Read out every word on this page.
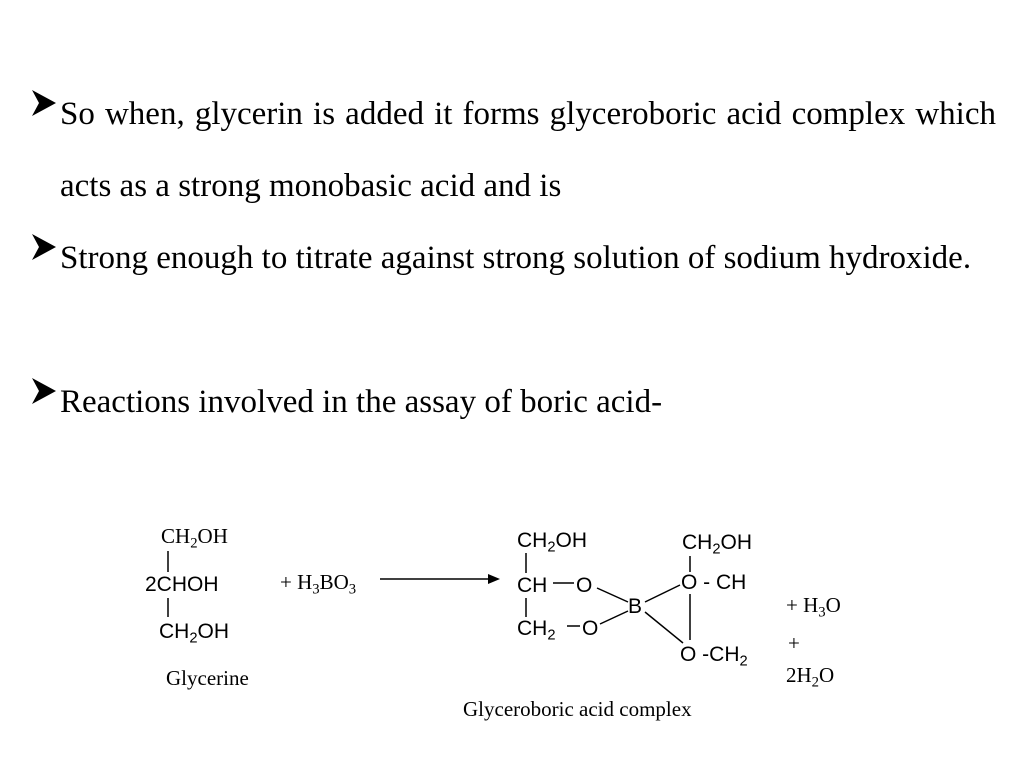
So when, glycerin is added it forms glyceroboric acid complex which acts as a strong monobasic acid and is
Strong enough to titrate against strong solution of sodium hydroxide.
Reactions involved in the assay of boric acid-
$CH_2OH$
2CHOH
$CH_2OH$
Glycerine
+ $H_3BO_3$
$CH_2OH$
CH O
$CH_2$ O
B
$CH_2OH$
O - CH
O $-CH_2$
Glyceroboric acid complex
+ $H_3O$
+
$2H_2O$
